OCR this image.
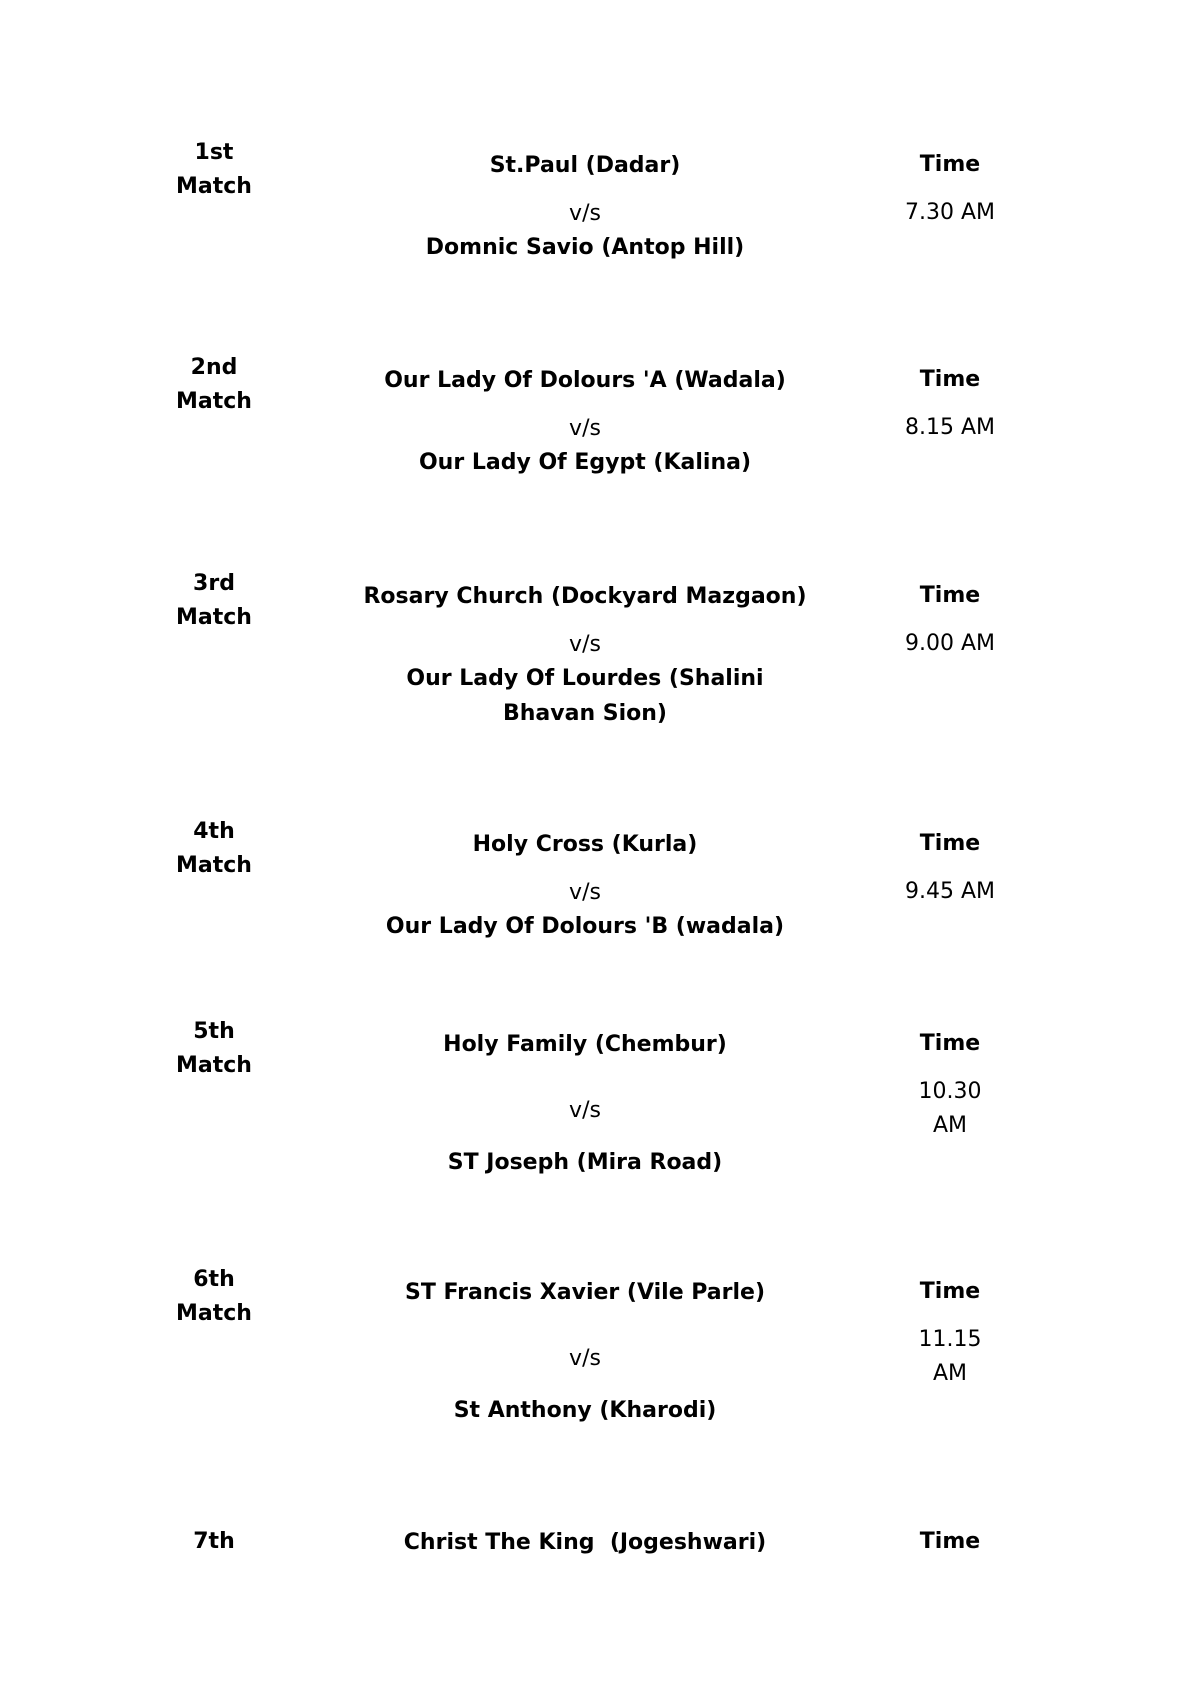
1st
Match
St.Paul (Dadar)
v/s
Domnic Savio (Antop Hill)
Time
7.30 AM
2nd
Match
Our Lady Of Dolours 'A (Wadala)
v/s
Our Lady Of Egypt (Kalina)
Time
8.15 AM
3rd
Match
Rosary Church (Dockyard Mazgaon)
v/s
Our Lady Of Lourdes (Shalini Bhavan Sion)
Time
9.00 AM
4th
Match
Holy Cross (Kurla)
v/s
Our Lady Of Dolours 'B (wadala)
Time
9.45 AM
5th
Match
Holy Family (Chembur)
v/s
ST Joseph (Mira Road)
Time
10.30 AM
6th
Match
ST Francis Xavier (Vile Parle)
v/s
St Anthony (Kharodi)
Time
11.15 AM
7th	Christ The King  (Jogeshwari)	Time
